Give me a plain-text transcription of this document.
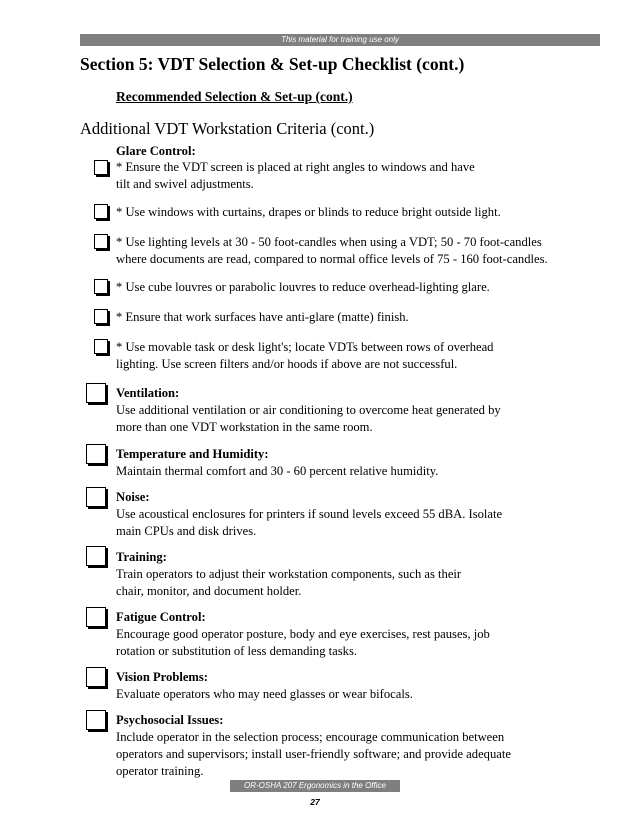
This material for training use only
Section 5: VDT Selection & Set-up Checklist (cont.)
Recommended Selection & Set-up (cont.)
Additional VDT Workstation Criteria (cont.)
Glare Control:
* Ensure the VDT screen is placed at right angles to windows and have
tilt and swivel adjustments.
* Use windows with curtains, drapes or blinds to reduce bright outside light.
* Use lighting levels at 30 - 50 foot-candles when using a VDT; 50 - 70 foot-candles
where documents are read, compared to normal office levels of 75 - 160 foot-candles.
* Use cube louvres or parabolic louvres to reduce overhead-lighting glare.
* Ensure that work surfaces have anti-glare (matte) finish.
* Use movable task or desk light's; locate VDTs between rows of overhead
lighting. Use screen filters and/or hoods if above are not successful.
Ventilation:
Use additional ventilation or air conditioning to overcome heat generated by
more than one VDT workstation in the same room.
Temperature and Humidity:
Maintain thermal comfort and 30 - 60 percent relative humidity.
Noise:
Use acoustical enclosures for printers if sound levels exceed 55 dBA. Isolate
main CPUs and disk drives.
Training:
Train operators to adjust their workstation components, such as their
chair, monitor, and document holder.
Fatigue Control:
Encourage good operator posture, body and eye exercises, rest pauses, job
rotation or substitution of less demanding tasks.
Vision Problems:
Evaluate operators who may need glasses or wear bifocals.
Psychosocial Issues:
Include operator in the selection process; encourage communication between
operators and supervisors; install user-friendly software; and provide adequate
operator training.
OR-OSHA 207 Ergonomics in the Office
27
